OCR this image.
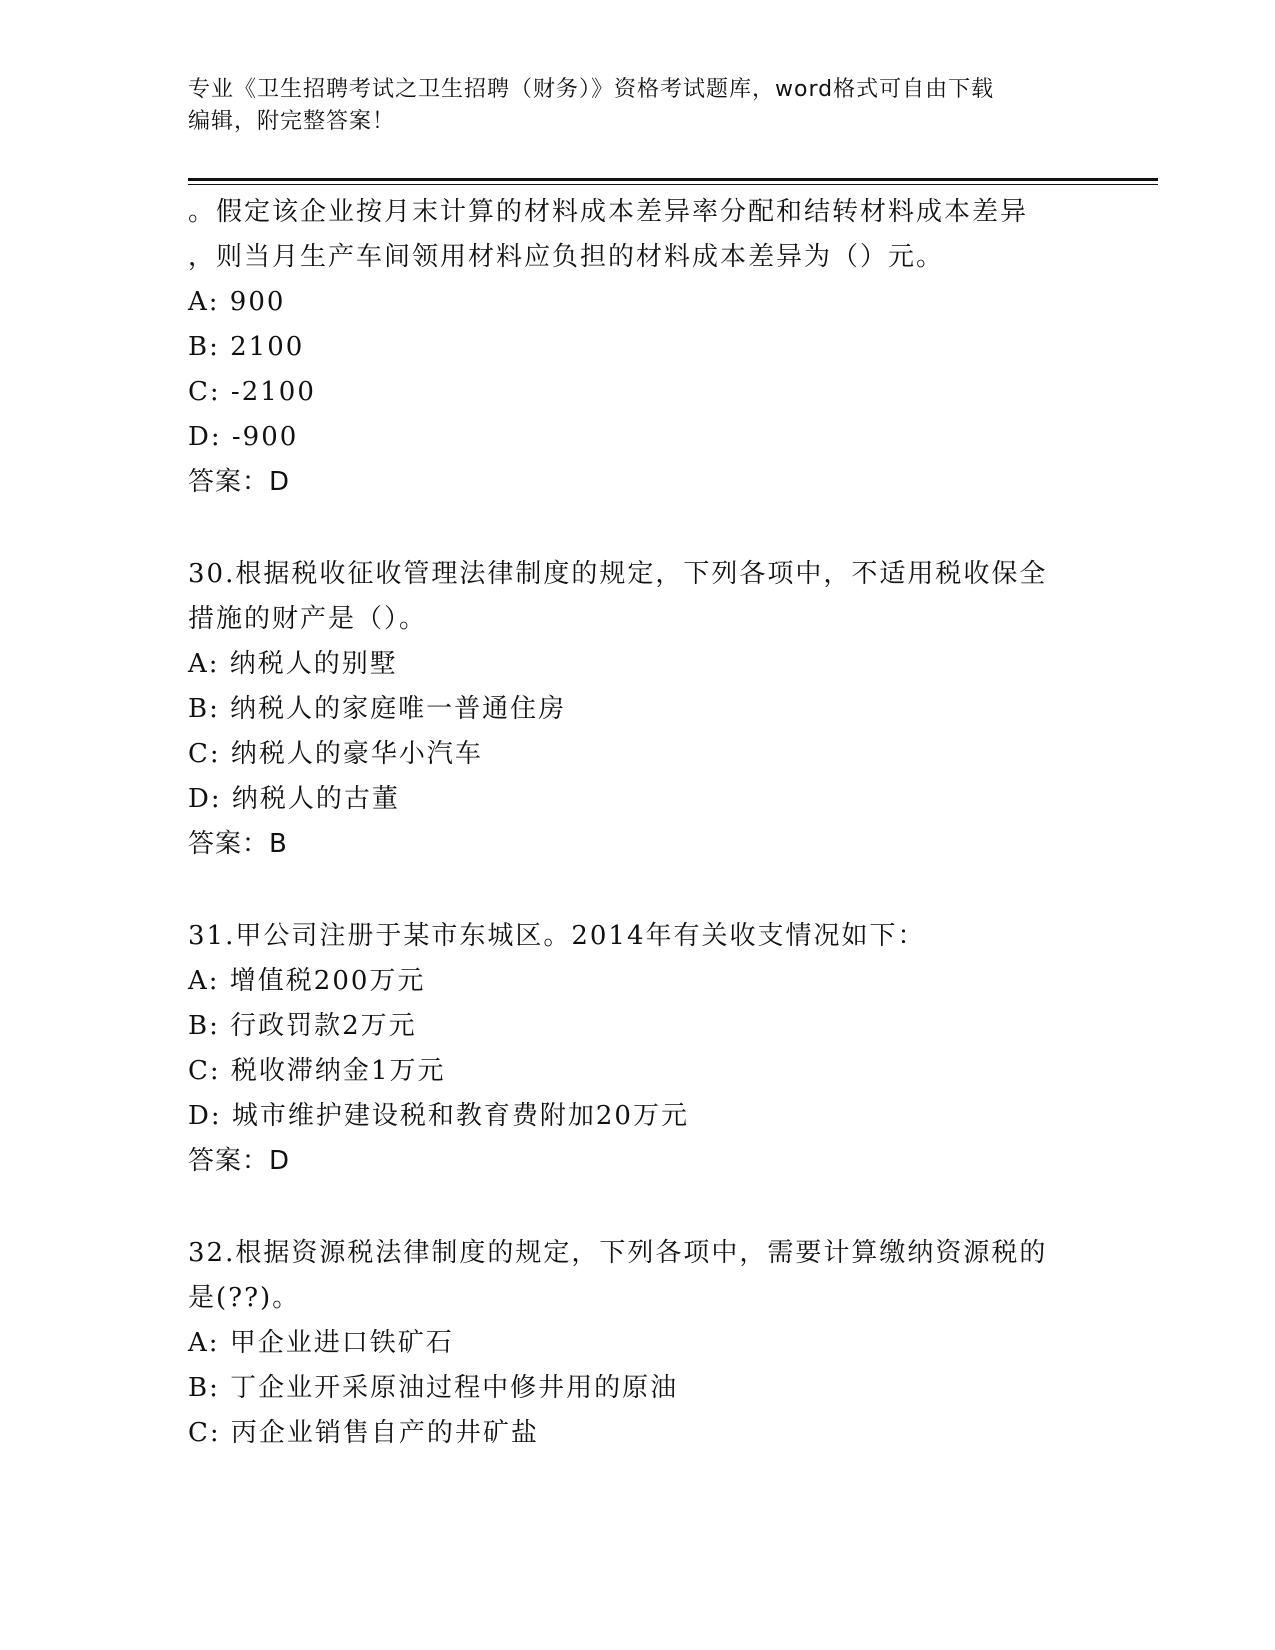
专业《卫生招聘考试之卫生招聘（财务）》资格考试题库，word格式可自由下载
编辑，附完整答案！
。假定该企业按月末计算的材料成本差异率分配和结转材料成本差异
，则当月生产车间领用材料应负担的材料成本差异为（）元。
A: 900
B: 2100
C: -2100
D: -900
答案：D
30.根据税收征收管理法律制度的规定，下列各项中，不适用税收保全
措施的财产是（）。
A: 纳税人的别墅
B: 纳税人的家庭唯一普通住房
C: 纳税人的豪华小汽车
D: 纳税人的古董
答案：B
31.甲公司注册于某市东城区。2014年有关收支情况如下：
A: 增值税200万元
B: 行政罚款2万元
C: 税收滞纳金1万元
D: 城市维护建设税和教育费附加20万元
答案：D
32.根据资源税法律制度的规定，下列各项中，需要计算缴纳资源税的
是(??)。
A: 甲企业进口铁矿石
B: 丁企业开采原油过程中修井用的原油
C: 丙企业销售自产的井矿盐
